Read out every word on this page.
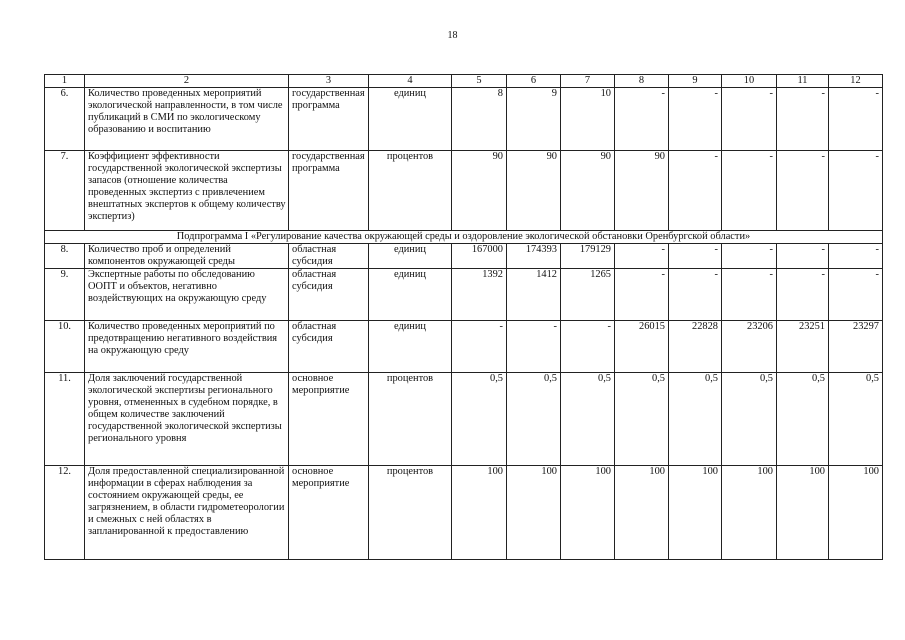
18
1	2	3	4	5	6	7	8	9	10	11	12
6.	Количество проведенных мероприятий экологической направленности, в том числе публикаций в СМИ по экологическому образованию и воспитанию	государственная программа	единиц	8	9	10	-	-	-	-	-
7.	Коэффициент эффективности государственной экологической экспертизы запасов (отношение количества проведенных экспертиз с привлечением внештатных экспертов к общему количеству экспертиз)	государственная программа	процентов	90	90	90	90	-	-	-	-
Подпрограмма I «Регулирование качества окружающей среды и оздоровление экологической обстановки Оренбургской области»											
8.	Количество проб и определений компонентов окружающей среды	областная субсидия	единиц	167000	174393	179129	-	-	-	-	-
9.	Экспертные работы по обследованию ООПТ и объектов, негативно воздействующих на окружающую среду	областная субсидия	единиц	1392	1412	1265	-	-	-	-	-
10.	Количество проведенных мероприятий по предотвращению негативного воздействия на окружающую среду	областная субсидия	единиц	-	-	-	26015	22828	23206	23251	23297
11.	Доля заключений государственной экологической экспертизы регионального уровня, отмененных в судебном порядке, в общем количестве заключений государственной экологической экспертизы регионального уровня	основное мероприятие	процентов	0,5	0,5	0,5	0,5	0,5	0,5	0,5	0,5
12.	Доля предоставленной специализированной информации в сферах наблюдения за состоянием окружающей среды, ее загрязнением, в области гидрометеорологии и смежных с ней областях в запланированной к предоставлению	основное мероприятие	процентов	100	100	100	100	100	100	100	100
